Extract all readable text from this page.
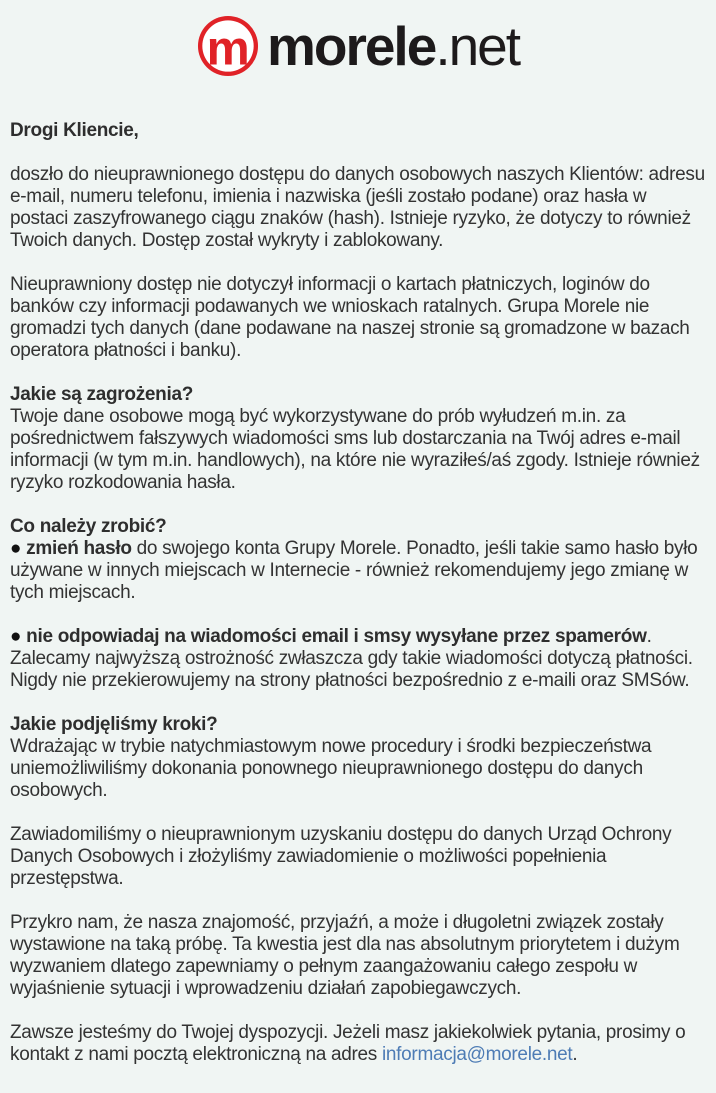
m morele.net

Drogi Kliencie,

doszło do nieuprawnionego dostępu do danych osobowych naszych Klientów: adresu e-mail, numeru telefonu, imienia i nazwiska (jeśli zostało podane) oraz hasła w postaci zaszyfrowanego ciągu znaków (hash). Istnieje ryzyko, że dotyczy to również Twoich danych. Dostęp został wykryty i zablokowany.

Nieuprawniony dostęp nie dotyczył informacji o kartach płatniczych, loginów do banków czy informacji podawanych we wnioskach ratalnych. Grupa Morele nie gromadzi tych danych (dane podawane na naszej stronie są gromadzone w bazach operatora płatności i banku).

Jakie są zagrożenia?
Twoje dane osobowe mogą być wykorzystywane do prób wyłudzeń m.in. za pośrednictwem fałszywych wiadomości sms lub dostarczania na Twój adres e-mail informacji (w tym m.in. handlowych), na które nie wyraziłeś/aś zgody. Istnieje również ryzyko rozkodowania hasła.

Co należy zrobić?
● zmień hasło do swojego konta Grupy Morele. Ponadto, jeśli takie samo hasło było używane w innych miejscach w Internecie - również rekomendujemy jego zmianę w tych miejscach.

● nie odpowiadaj na wiadomości email i smsy wysyłane przez spamerów. Zalecamy najwyższą ostrożność zwłaszcza gdy takie wiadomości dotyczą płatności. Nigdy nie przekierowujemy na strony płatności bezpośrednio z e-maili oraz SMSów.

Jakie podjęliśmy kroki?
Wdrażając w trybie natychmiastowym nowe procedury i środki bezpieczeństwa uniemożliwiliśmy dokonania ponownego nieuprawnionego dostępu do danych osobowych.

Zawiadomiliśmy o nieuprawnionym uzyskaniu dostępu do danych Urząd Ochrony Danych Osobowych i złożyliśmy zawiadomienie o możliwości popełnienia przestępstwa.

Przykro nam, że nasza znajomość, przyjaźń, a może i długoletni związek zostały wystawione na taką próbę. Ta kwestia jest dla nas absolutnym priorytetem i dużym wyzwaniem dlatego zapewniamy o pełnym zaangażowaniu całego zespołu w wyjaśnienie sytuacji i wprowadzeniu działań zapobiegawczych.

Zawsze jesteśmy do Twojej dyspozycji. Jeżeli masz jakiekolwiek pytania, prosimy o kontakt z nami pocztą elektroniczną na adres informacja@morele.net.
